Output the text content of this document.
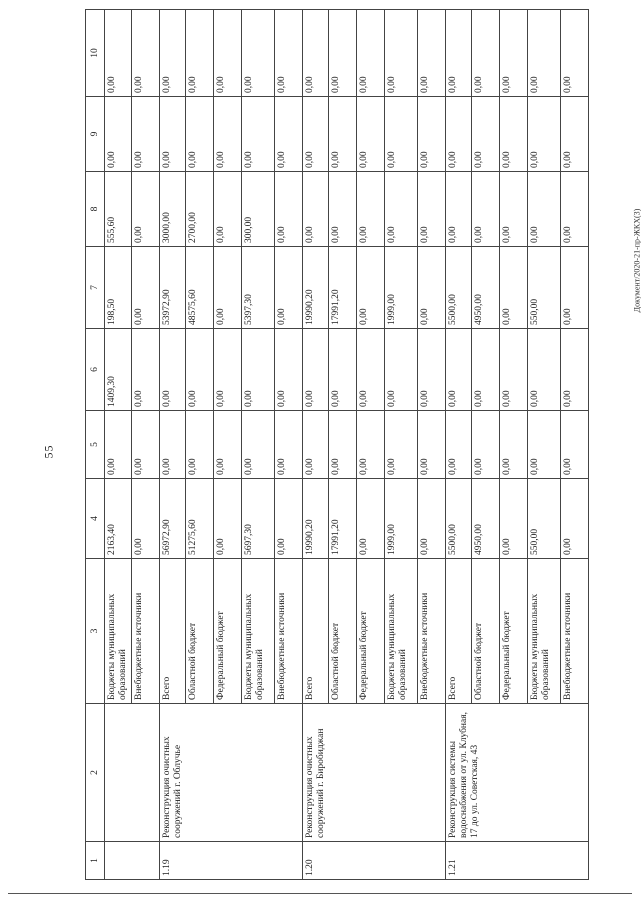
55
1	2	3	4	5	6	7	8	9	10
		Бюджеты муниципальных образований	2163,40	0,00	1409,30	198,50	555,60	0,00	0,00
		Внебюджетные источники	0,00	0,00	0,00	0,00	0,00	0,00	0,00
1.19	Реконструкция очистных сооружений г. Облучье	Всего	56972,90	0,00	0,00	53972,90	3000,00	0,00	0,00
		Областной бюджет	51275,60	0,00	0,00	48575,60	2700,00	0,00	0,00
		Федеральный бюджет	0,00	0,00	0,00	0,00	0,00	0,00	0,00
		Бюджеты муниципальных образований	5697,30	0,00	0,00	5397,30	300,00	0,00	0,00
		Внебюджетные источники	0,00	0,00	0,00	0,00	0,00	0,00	0,00
1.20	Реконструкция очистных сооружений г. Биробиджан	Всего	19990,20	0,00	0,00	19990,20	0,00	0,00	0,00
		Областной бюджет	17991,20	0,00	0,00	17991,20	0,00	0,00	0,00
		Федеральный бюджет	0,00	0,00	0,00	0,00	0,00	0,00	0,00
		Бюджеты муниципальных образований	1999,00	0,00	0,00	1999,00	0,00	0,00	0,00
		Внебюджетные источники	0,00	0,00	0,00	0,00	0,00	0,00	0,00
1.21	Реконструкция системы водоснабжения от ул. Клубная, 17 до ул. Советская, 43	Всего	5500,00	0,00	0,00	5500,00	0,00	0,00	0,00
		Областной бюджет	4950,00	0,00	0,00	4950,00	0,00	0,00	0,00
		Федеральный бюджет	0,00	0,00	0,00	0,00	0,00	0,00	0,00
		Бюджеты муниципальных образований	550,00	0,00	0,00	550,00	0,00	0,00	0,00
		Внебюджетные источники	0,00	0,00	0,00	0,00	0,00	0,00	0,00
Документ/2020-21-пр-ЖКХ(3)
